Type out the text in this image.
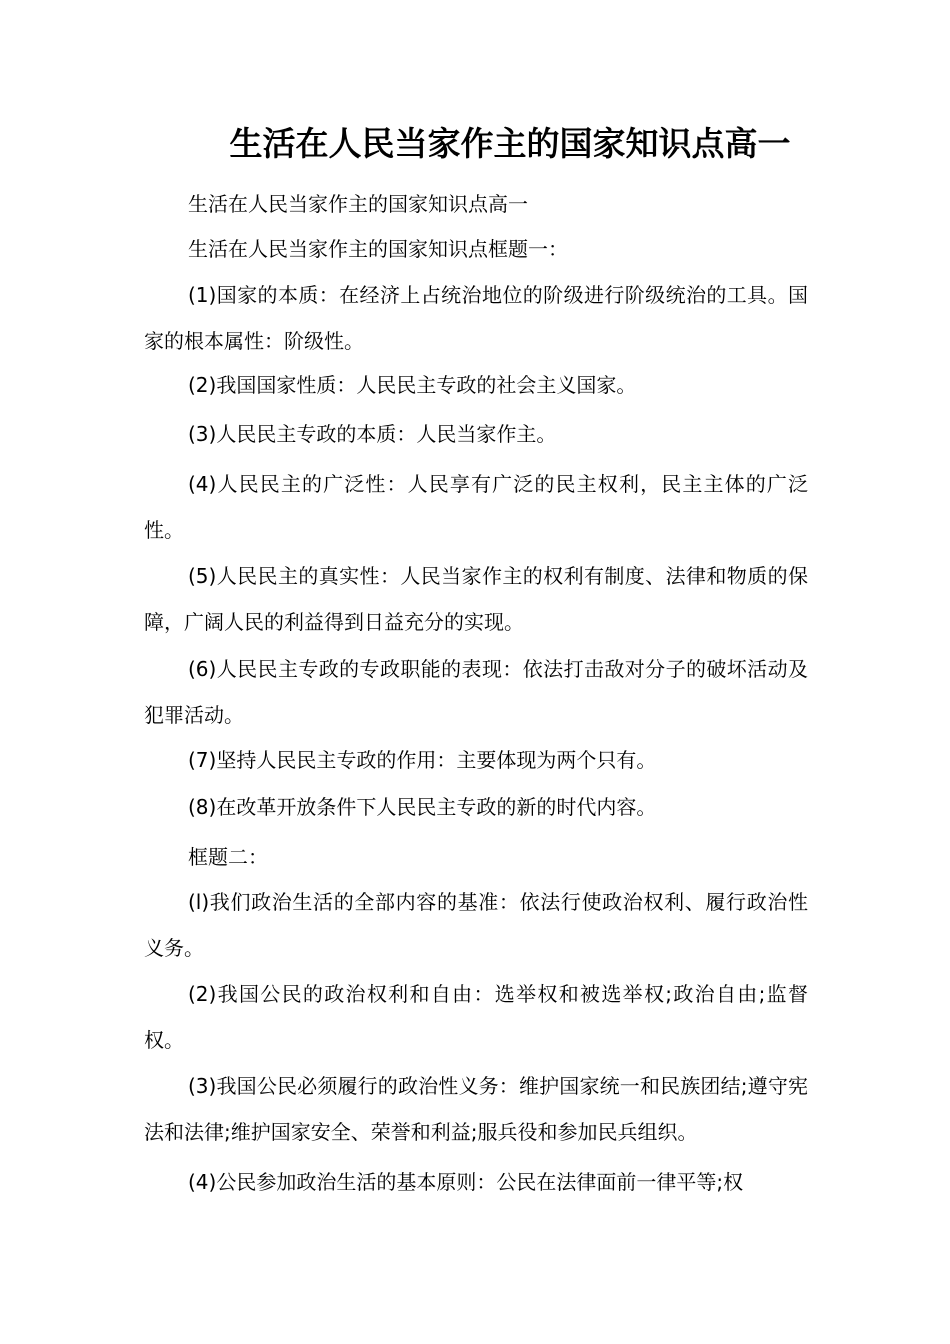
生活在人民当家作主的国家知识点高一

生活在人民当家作主的国家知识点高一

生活在人民当家作主的国家知识点框题一：

(1)国家的本质：在经济上占统治地位的阶级进行阶级统治的工具。国家的根本属性：阶级性。

(2)我国国家性质：人民民主专政的社会主义国家。

(3)人民民主专政的本质：人民当家作主。

(4)人民民主的广泛性：人民享有广泛的民主权利，民主主体的广泛性。

(5)人民民主的真实性：人民当家作主的权利有制度、法律和物质的保障，广阔人民的利益得到日益充分的实现。

(6)人民民主专政的专政职能的表现：依法打击敌对分子的破坏活动及犯罪活动。

(7)坚持人民民主专政的作用：主要体现为两个只有。

(8)在改革开放条件下人民民主专政的新的时代内容。

框题二：

(l)我们政治生活的全部内容的基准：依法行使政治权利、履行政治性义务。

(2)我国公民的政治权利和自由：选举权和被选举权;政治自由;监督权。

(3)我国公民必须履行的政治性义务：维护国家统一和民族团结;遵守宪法和法律;维护国家安全、荣誉和利益;服兵役和参加民兵组织。

(4)公民参加政治生活的基本原则：公民在法律面前一律平等;权
